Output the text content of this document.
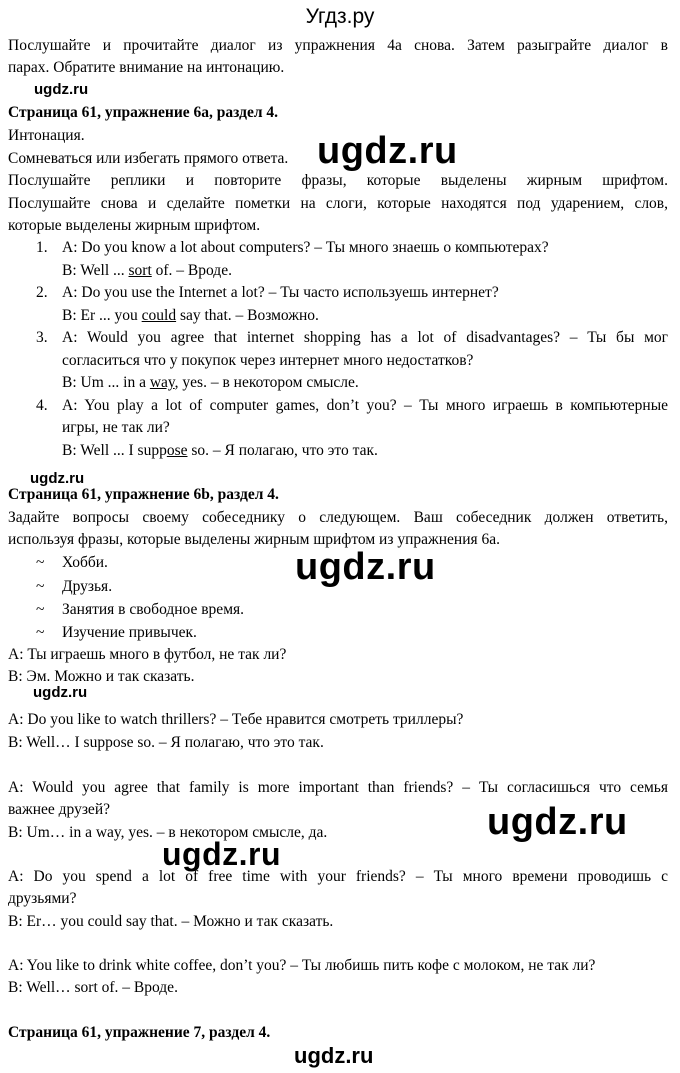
Угдз.ру
Послушайте и прочитайте диалог из упражнения 4а снова. Затем разыграйте диалог в
парах. Обратите внимание на интонацию.
ugdz.ru
Страница 61, упражнение 6а, раздел 4.
Интонация.
Сомневаться или избегать прямого ответа. ugdz.ru
Послушайте реплики и повторите фразы, которые выделены жирным шрифтом.
Послушайте снова и сделайте пометки на слоги, которые находятся под ударением, слов,
которые выделены жирным шрифтом.
1. A: Do you know a lot about computers? – Ты много знаешь о компьютерах?
B: Well ... sort of. – Вроде.
2. A: Do you use the Internet a lot? – Ты часто используешь интернет?
B: Er ... you could say that. – Возможно.
3. A: Would you agree that internet shopping has a lot of disadvantages? – Ты бы мог
согласиться что у покупок через интернет много недостатков?
B: Um ... in a way, yes. – в некотором смысле.
4. A: You play a lot of computer games, don’t you? – Ты много играешь в компьютерные
игры, не так ли?
B: Well ... I suppose so. – Я полагаю, что это так.
ugdz.ru
Страница 61, упражнение 6b, раздел 4.
Задайте вопросы своему собеседнику о следующем. Ваш собеседник должен ответить,
используя фразы, которые выделены жирным шрифтом из упражнения 6а.
~ Хобби.
~ Друзья.
~ Занятия в свободное время.
~ Изучение привычек.
ugdz.ru
A: Ты играешь много в футбол, не так ли?
B: Эм. Можно и так сказать.
ugdz.ru
A: Do you like to watch thrillers? – Тебе нравится смотреть триллеры?
B: Well… I suppose so. – Я полагаю, что это так.
A: Would you agree that family is more important than friends? – Ты согласишься что семья
важнее друзей?
B: Um… in a way, yes. – в некотором смысле, да.	ugdz.ru
ugdz.ru
A: Do you spend a lot of free time with your friends? – Ты много времени проводишь с
друзьями?
B: Er… you could say that. – Можно и так сказать.
A: You like to drink white coffee, don’t you? – Ты любишь пить кофе с молоком, не так ли?
B: Well… sort of. – Вроде.
Страница 61, упражнение 7, раздел 4.
ugdz.ru
